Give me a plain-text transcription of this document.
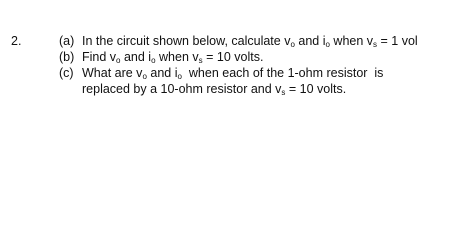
2.	(a) In the circuit shown below, calculate $v_o$ and $i_o$ when $v_s = 1$ vol
(b) Find $v_o$ and $i_o$ when $v_s = 10$ volts.
(c) What are $v_o$ and $i_o$  when each of the 1-ohm resistor  is
replaced by a 10-ohm resistor and $v_s = 10$ volts.
